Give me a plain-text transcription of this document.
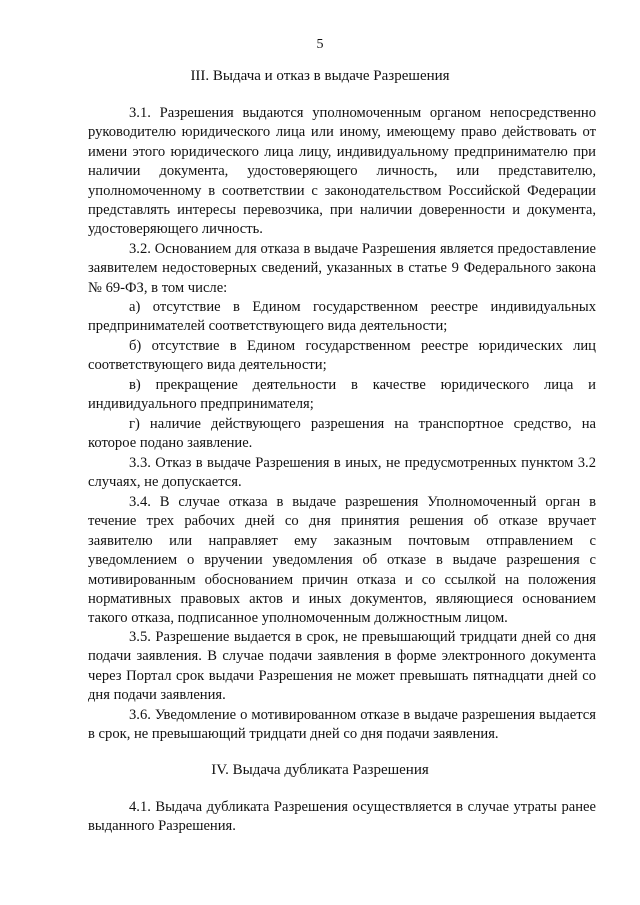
5
III. Выдача и отказ в выдаче Разрешения

3.1. Разрешения выдаются уполномоченным органом непосредственно руководителю юридического лица или иному, имеющему право действовать от имени этого юридического лица лицу, индивидуальному предпринимателю при наличии документа, удостоверяющего личность, или представителю, уполномоченному в соответствии с законодательством Российской Федерации представлять интересы перевозчика, при наличии доверенности и документа, удостоверяющего личность.

3.2. Основанием для отказа в выдаче Разрешения является предоставление заявителем недостоверных сведений, указанных в статье 9 Федерального закона № 69-ФЗ, в том числе:

а) отсутствие в Едином государственном реестре индивидуальных предпринимателей соответствующего вида деятельности;

б) отсутствие в Едином государственном реестре юридических лиц соответствующего вида деятельности;

в) прекращение деятельности в качестве юридического лица и индивидуального предпринимателя;

г) наличие действующего разрешения на транспортное средство, на которое подано заявление.

3.3. Отказ в выдаче Разрешения в иных, не предусмотренных пунктом 3.2 случаях, не допускается.

3.4. В случае отказа в выдаче разрешения Уполномоченный орган в течение трех рабочих дней со дня принятия решения об отказе вручает заявителю или направляет ему заказным почтовым отправлением с уведомлением о вручении уведомления об отказе в выдаче разрешения с мотивированным обоснованием причин отказа и со ссылкой на положения нормативных правовых актов и иных документов, являющиеся основанием такого отказа, подписанное уполномоченным должностным лицом.

3.5. Разрешение выдается в срок, не превышающий тридцати дней со дня подачи заявления. В случае подачи заявления в форме электронного документа через Портал срок выдачи Разрешения не может превышать пятнадцати дней со дня подачи заявления.

3.6. Уведомление о мотивированном отказе в выдаче разрешения выдается в срок, не превышающий тридцати дней со дня подачи заявления.

IV. Выдача дубликата Разрешения

4.1. Выдача дубликата Разрешения осуществляется в случае утраты ранее выданного Разрешения.
